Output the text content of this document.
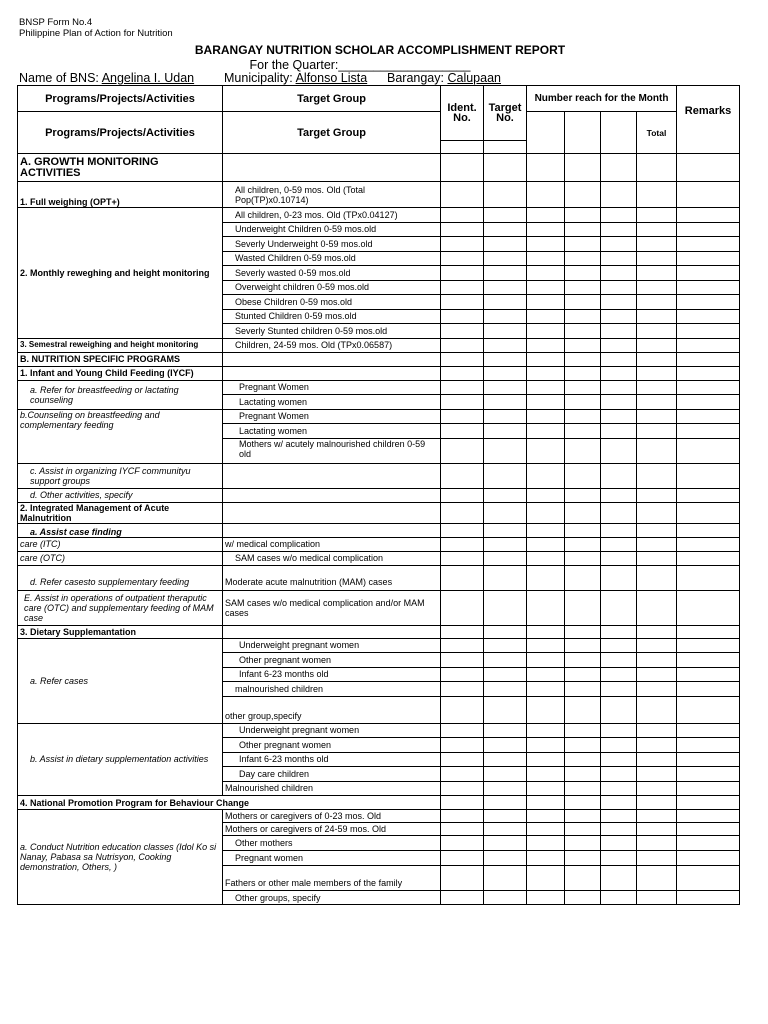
BNSP Form No.4
Philippine Plan of Action for Nutrition
BARANGAY NUTRITION SCHOLAR ACCOMPLISHMENT REPORT
For the Quarter:___________________
Name of BNS: Angelina I. Udan Municipality: Alfonso Lista Barangay: Calupaan
Programs/Projects/Activities	Target Group	Ident. No.	Target No.	Number reach for the Month				Remarks
Programs/Projects/Activities	Target Group						Total	

A. GROWTH MONITORING ACTIVITIES								
1. Full weighing (OPT+)	All children, 0-59 mos. Old (Total Pop(TP)x0.10714)							
2. Monthly reweghing and height monitoring	All children, 0-23 mos. Old (TPx0.04127)							
	Underweight Children 0-59 mos.old							
	Severly Underweight 0-59 mos.old							
	Wasted Children 0-59 mos.old							
	Severly wasted 0-59 mos.old							
	Overweight children 0-59 mos.old							
	Obese Children 0-59 mos.old							
	Stunted Children 0-59 mos.old							
	Severly Stunted children 0-59 mos.old							
3. Semestral reweighing and height monitoring	Children, 24-59 mos. Old (TPx0.06587)							
B. NUTRITION SPECIFIC PROGRAMS								
1. Infant and Young Child Feeding (IYCF)								
a. Refer for breastfeeding or lactating counseling	Pregnant Women							
	Lactating women							
b.Counseling on breastfeeding and complementary feeding	Pregnant Women							
	Lactating women							
	Mothers w/ acutely malnourished children 0-59 old							
c. Assist in organizing IYCF communityu support groups								
d. Other activities, specify								
2. Integrated Management of Acute Malnutrition								
a. Assist case finding								
care (ITC)	w/ medical complication							
care (OTC)	SAM cases w/o medical complication							
d. Refer casesto supplementary feeding	Moderate acute malnutrition (MAM) cases							
E. Assist in operations of outpatient theraputic care (OTC) and supplementary feeding of MAM case	SAM cases w/o medical complication and/or MAM cases							
3. Dietary Supplemantation								
a. Refer cases	Underweight pregnant women							
	Other pregnant women							
	Infant 6-23 months old							
	malnourished children							
	other group,specify							
b. Assist in dietary supplementation activities	Underweight pregnant women							
	Other pregnant women							
	Infant 6-23 months old							
	Day care children							
	Malnourished children							
4. National Promotion Program for Behaviour Change								
a. Conduct Nutrition education classes (Idol Ko si Nanay, Pabasa sa Nutrisyon, Cooking demonstration, Others, )	Mothers or caregivers of 0-23 mos. Old							
	Mothers or caregivers of 24-59 mos. Old							
	Other mothers							
	Pregnant women							
	Fathers or other male members of the family							
	Other groups, specify							
